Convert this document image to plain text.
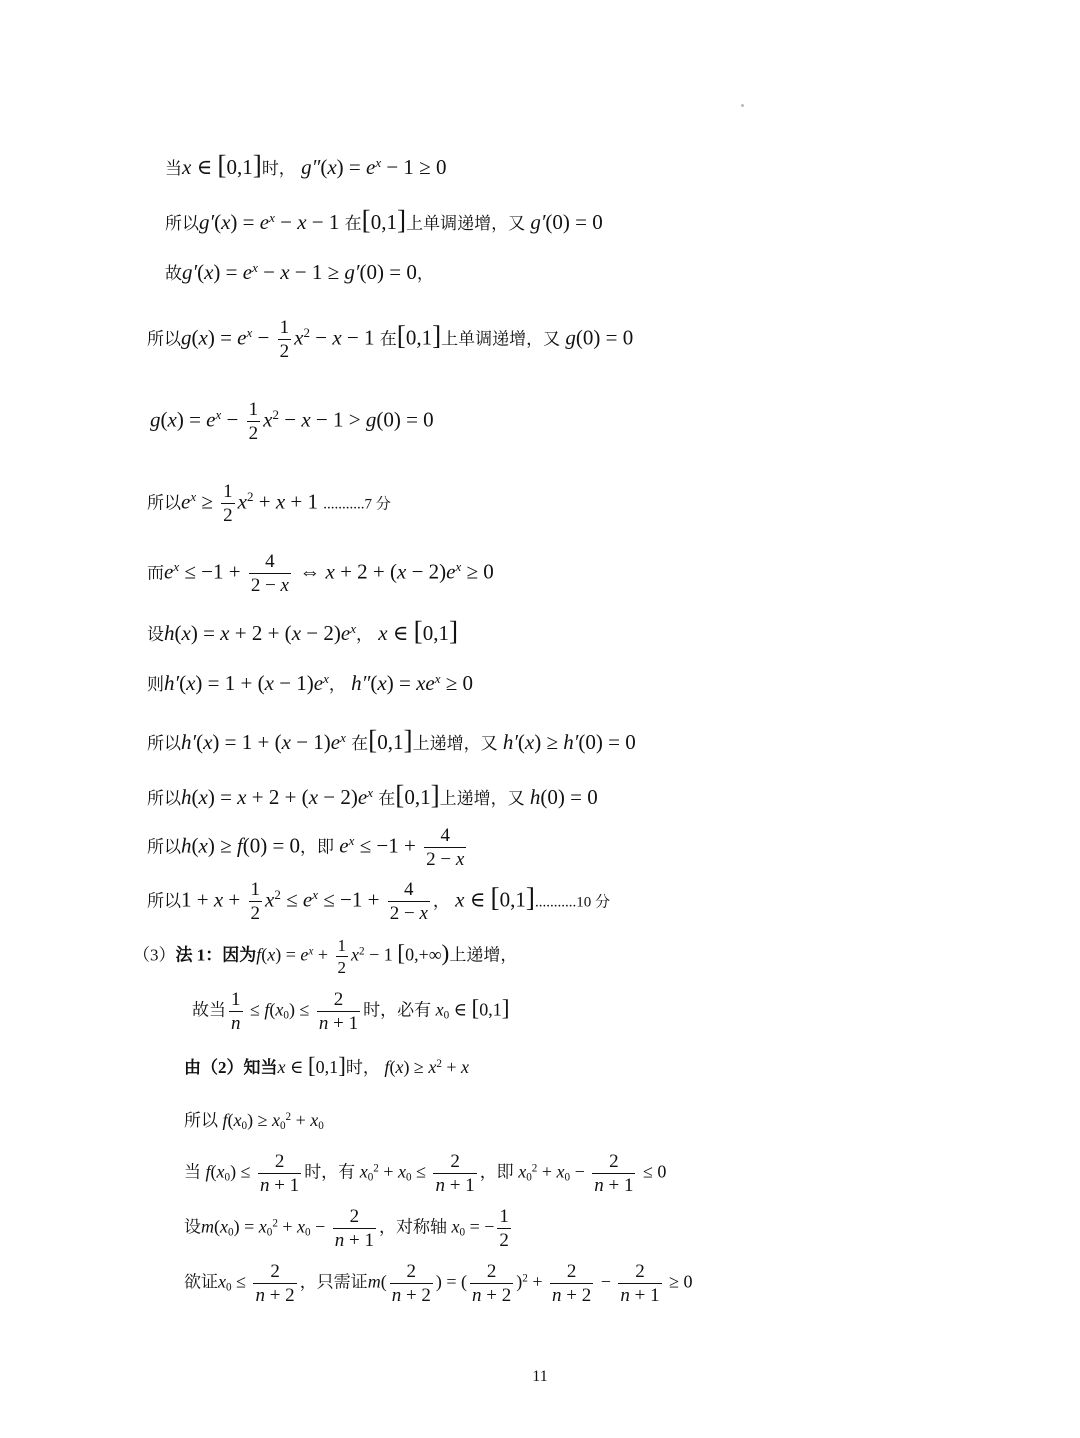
当x ∈ [0,1]时， $g''(x) = e^x - 1 \ge 0$
所以$g'(x) = e^x - x - 1$ 在[0,1]上单调递增，又 g′(0) = 0
故$g'(x) = e^x - x - 1 \ge g'(0) = 0$，
所以$g(x) = e^x - \frac{1}{2} x^2 - x - 1$ 在[0,1]上单调递增，又 g(0) = 0
$g(x) = e^x - \frac{1}{2} x^2 - x - 1 > g(0) = 0$
所以$e^x \ge \frac{1}{2} x^2 + x + 1$ ...........7 分
而$e^x \le -1 + \frac{4}{2 - x}$ ⇔ $x + 2 + (x - 2)e^x \ge 0$
设$h(x) = x + 2 + (x - 2)e^x$， x ∈ [0,1]
则$h'(x) = 1 + (x - 1)e^x$， $h''(x) = xe^x \ge 0$
所以$h'(x) = 1 + (x - 1)e^x$ 在[0,1]上递增，又 h′(x) ≥ h′(0) = 0
所以$h(x) = x + 2 + (x - 2)e^x$ 在[0,1]上递增，又 h(0) = 0
所以h(x) ≥ f(0) = 0，即 $e^x \le -1 + \frac{4}{2 - x}$
所以$1 + x + \frac{1}{2} x^2 \le e^x \le -1 + \frac{4}{2 - x}$ ， x ∈ [0,1]...........10 分
（3）法 1：因为$f(x) = e^x + \frac{1}{2} x^2 - 1$ [0,+∞)上递增，
故当 $\frac{1}{n} \le f(x_0) \le \frac{2}{n + 1}$ 时，必有 $x_0$ ∈ [0,1]
由（2）知当x ∈ [0,1]时， $f(x) \ge x^2 + x$
所以 $f(x_0) \ge x_0^2 + x_0$
当 $f(x_0) \le \frac{2}{n + 1}$ 时，有 $x_0^2 + x_0 \le \frac{2}{n + 1}$ ，即 $x_0^2 + x_0 - \frac{2}{n + 1} \le 0$
设$m(x_0) = x_0^2 + x_0 - \frac{2}{n + 1}$ ，对称轴 $x_0$ = − $\frac{1}{2}$
欲证$x_0 \le \frac{2}{n + 2}$ ，只需证$m( \frac{2}{n + 2}$ ) = ( $\frac{2}{n + 2} )^2 + \frac{2}{n + 2} - \frac{2}{n + 1} \ge 0$
11
